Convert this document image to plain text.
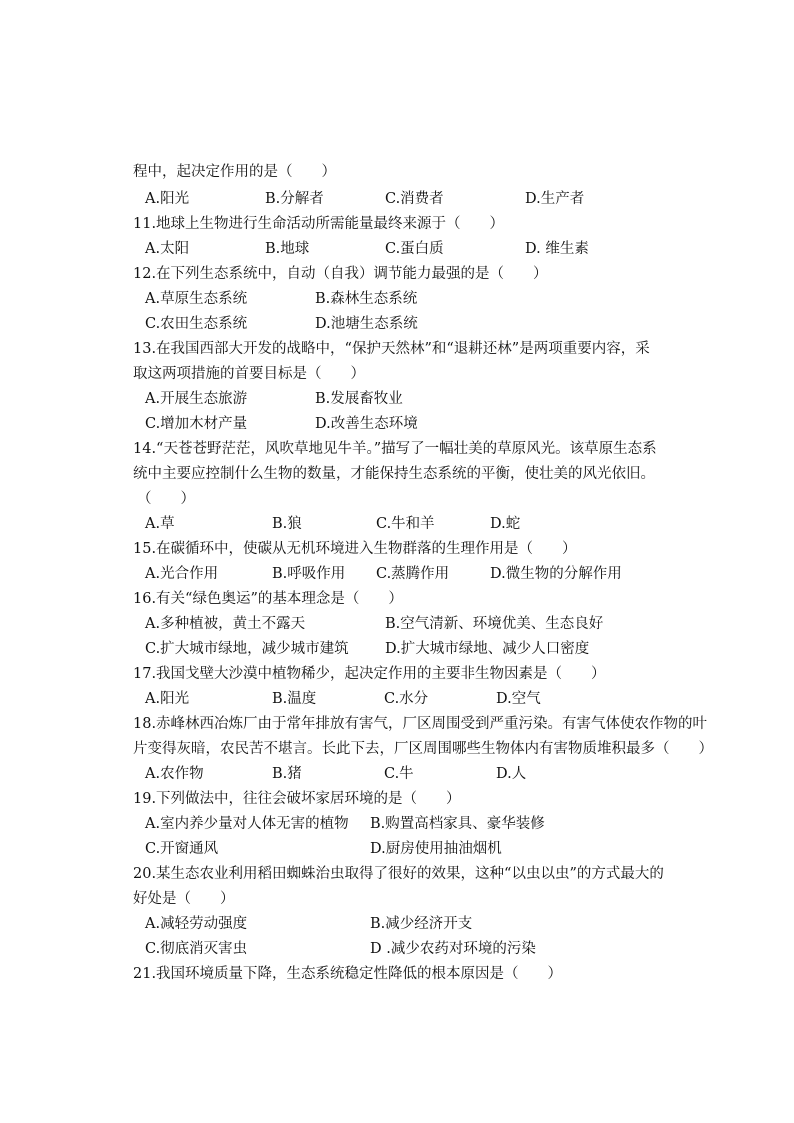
程中，起决定作用的是（　　）
A.阳光	B.分解者	C.消费者	D.生产者
11.地球上生物进行生命活动所需能量最终来源于（　　）
A.太阳	B.地球	C.蛋白质	D. 维生素
12.在下列生态系统中，自动（自我）调节能力最强的是（　　）
A.草原生态系统	B.森林生态系统
C.农田生态系统	D.池塘生态系统
13.在我国西部大开发的战略中，“保护天然林”和“退耕还林”是两项重要内容，采
取这两项措施的首要目标是（　　）
A.开展生态旅游	B.发展畜牧业
C.增加木材产量	D.改善生态环境
14.“天苍苍野茫茫，风吹草地见牛羊。”描写了一幅壮美的草原风光。该草原生态系
统中主要应控制什么生物的数量，才能保持生态系统的平衡，使壮美的风光依旧。
（　　）
A.草	B.狼	C.牛和羊	D.蛇
15.在碳循环中，使碳从无机环境进入生物群落的生理作用是（　　）
A.光合作用	B.呼吸作用 C.蒸腾作用	D.微生物的分解作用
16.有关“绿色奥运”的基本理念是（　　）
A.多种植被，黄土不露天	B.空气清新、环境优美、生态良好
C.扩大城市绿地，减少城市建筑	D.扩大城市绿地、减少人口密度
17.我国戈壁大沙漠中植物稀少，起决定作用的主要非生物因素是（　　）
A.阳光	B.温度	C.水分	D.空气
18.赤峰林西冶炼厂由于常年排放有害气，厂区周围受到严重污染。有害气体使农作物的叶
片变得灰暗，农民苦不堪言。长此下去，厂区周围哪些生物体内有害物质堆积最多（　　）
A.农作物	B.猪	C.牛	D.人
19.下列做法中，往往会破坏家居环境的是（　　）
A.室内养少量对人体无害的植物 B.购置高档家具、豪华装修
C.开窗通风	D.厨房使用抽油烟机
20.某生态农业利用稻田蜘蛛治虫取得了很好的效果，这种“以虫以虫”的方式最大的
好处是（　　）
A.减轻劳动强度	B.减少经济开支
C.彻底消灭害虫	D .减少农药对环境的污染
21.我国环境质量下降，生态系统稳定性降低的根本原因是（　　）
